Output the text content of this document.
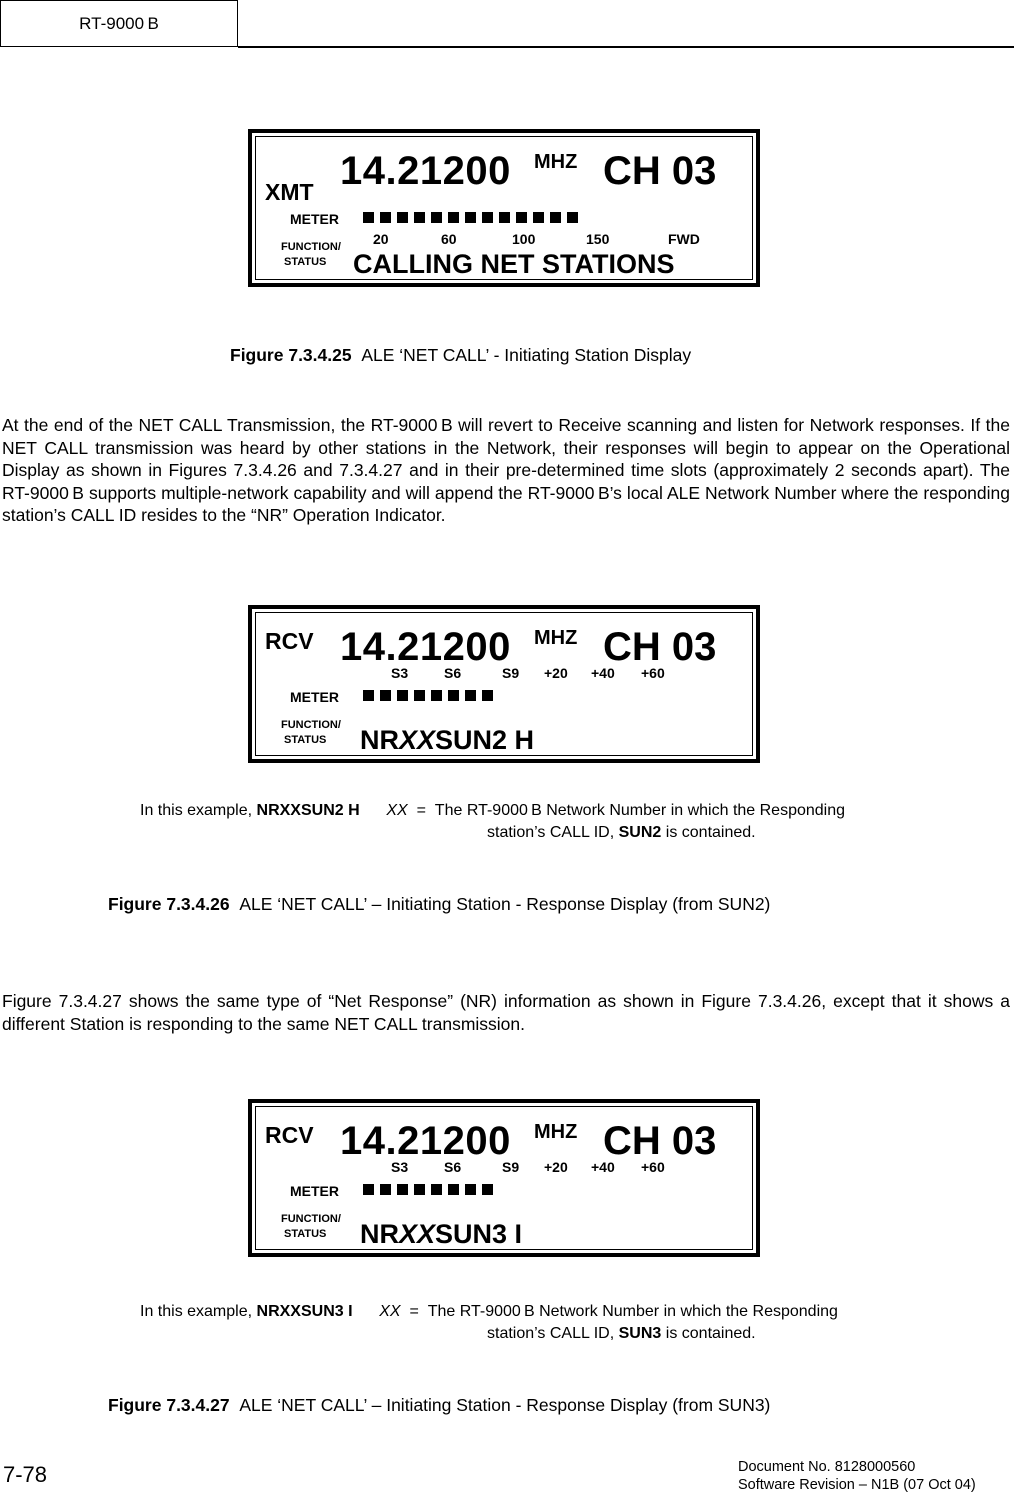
RT-9000 B
XMT 14.21200 MHZ CH 03
METER
20	60	100	150	FWD
FUNCTION/
STATUS CALLING NET STATIONS
Figure 7.3.4.25 ALE ‘NET CALL’ - Initiating Station Display
At the end of the NET CALL Transmission, the RT-9000 B will revert to Receive scanning and listen for Network responses. If the NET CALL transmission was heard by other stations in the Network, their responses will begin to appear on the Operational Display as shown in Figures 7.3.4.26 and 7.3.4.27 and in their pre-determined time slots (approximately 2 seconds apart). The RT-9000 B supports multiple-network capability and will append the RT-9000 B’s local ALE Network Number where the responding station’s CALL ID resides to the “NR” Operation Indicator.
RCV 14.21200 MHZ CH 03
S3	S6	S9 +20 +40 +60
METER
FUNCTION/
STATUS	NRXXSUN2 H
In this example, NRXXSUN2 H XX = The RT-9000 B Network Number in which the Responding
station’s CALL ID, SUN2 is contained.
Figure 7.3.4.26 ALE ‘NET CALL’ – Initiating Station - Response Display (from SUN2)
Figure 7.3.4.27 shows the same type of “Net Response” (NR) information as shown in Figure 7.3.4.26, except that it shows a different Station is responding to the same NET CALL transmission.
RCV 14.21200 MHZ CH 03
S3	S6	S9 +20 +40 +60
METER
FUNCTION/
STATUS	NRXXSUN3 I
In this example, NRXXSUN3 I XX = The RT-9000 B Network Number in which the Responding
station’s CALL ID, SUN3 is contained.
Figure 7.3.4.27 ALE ‘NET CALL’ – Initiating Station - Response Display (from SUN3)
7-78	Document No. 8128000560
Software Revision – N1B (07 Oct 04)
